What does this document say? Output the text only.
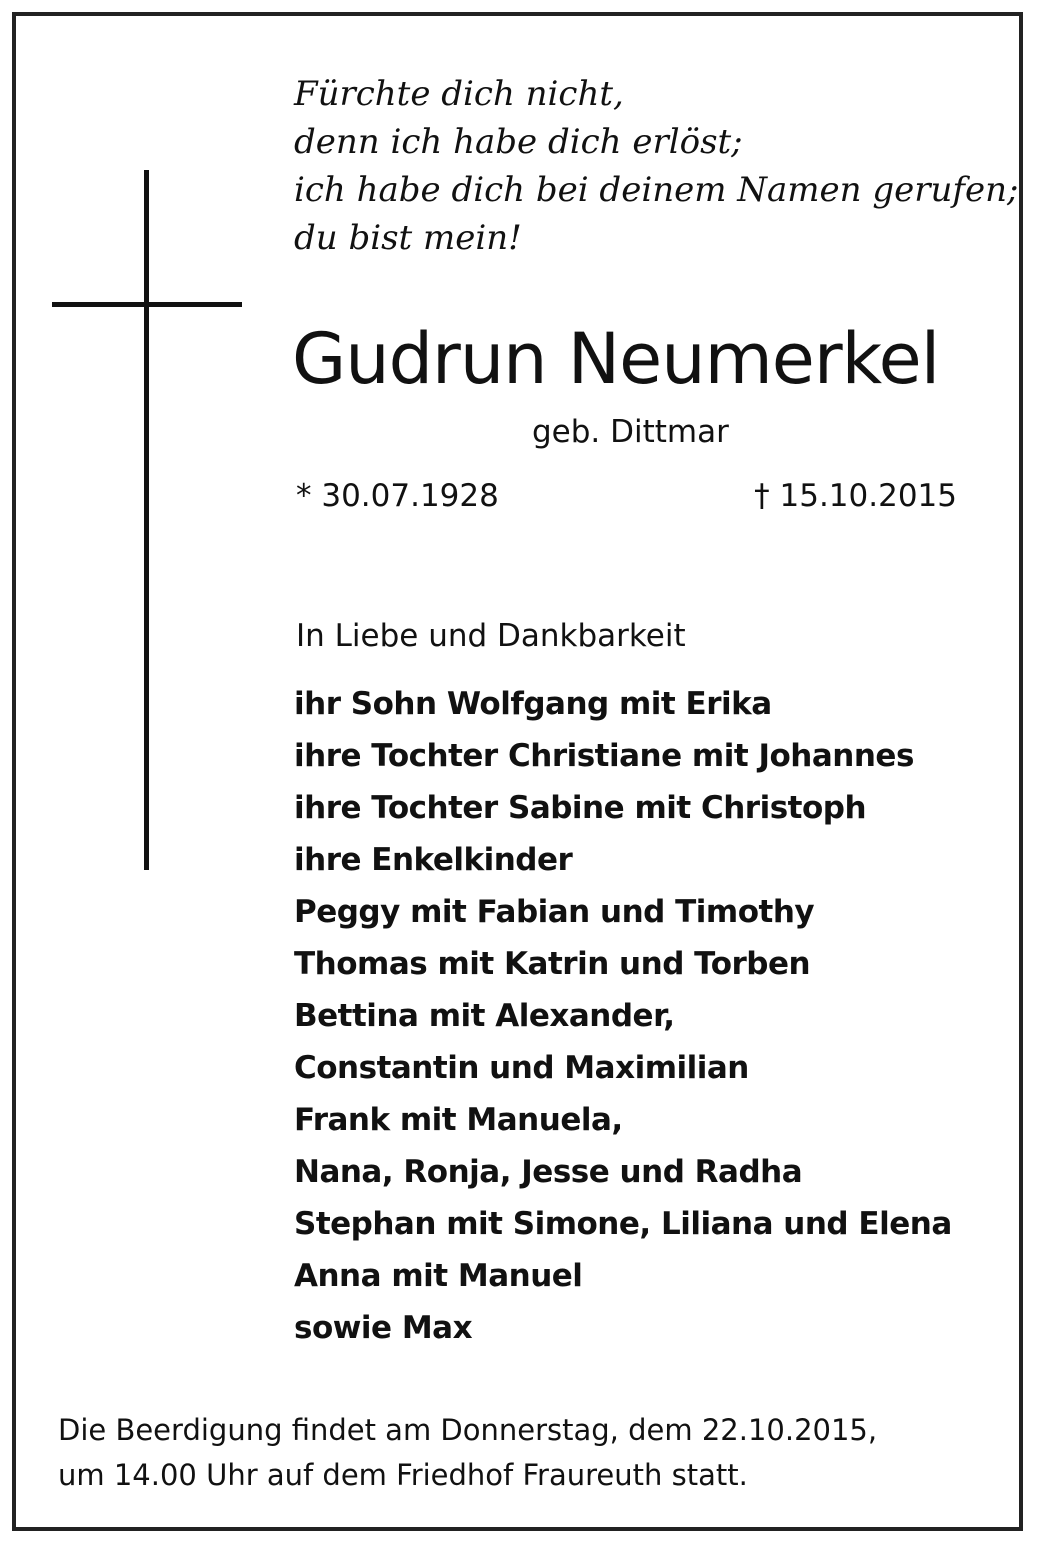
Fürchte dich nicht,
denn ich habe dich erlöst;
ich habe dich bei deinem Namen gerufen;
du bist mein!

Gudrun Neumerkel
geb. Dittmar
* 30.07.1928	† 15.10.2015
In Liebe und Dankbarkeit
ihr Sohn Wolfgang mit Erika
ihre Tochter Christiane mit Johannes
ihre Tochter Sabine mit Christoph
ihre Enkelkinder
Peggy mit Fabian und Timothy
Thomas mit Katrin und Torben
Bettina mit Alexander,
Constantin und Maximilian
Frank mit Manuela,
Nana, Ronja, Jesse und Radha
Stephan mit Simone, Liliana und Elena
Anna mit Manuel
sowie Max

Die Beerdigung findet am Donnerstag, dem 22.10.2015,
um 14.00 Uhr auf dem Friedhof Fraureuth statt.
